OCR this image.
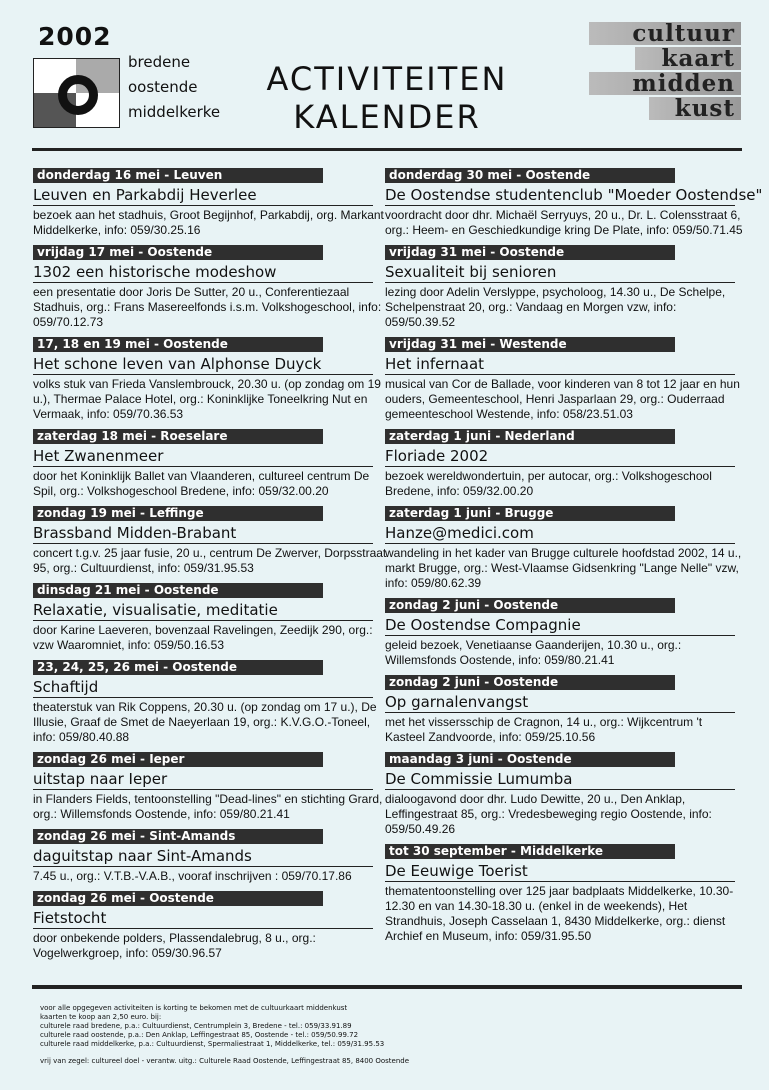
2002
bredene
oostende
middelkerke
ACTIVITEITEN
KALENDER
cultuur
kaart
midden
kust
donderdag 16 mei - Leuven
Leuven en Parkabdij Heverlee
bezoek aan het stadhuis, Groot Begijnhof, Parkabdij, org. Markant Middelkerke, info: 059/30.25.16
vrijdag 17 mei - Oostende
1302 een historische modeshow
een presentatie door Joris De Sutter, 20 u., Conferentiezaal Stadhuis, org.: Frans Masereelfonds i.s.m. Volkshogeschool, info: 059/70.12.73
17, 18 en 19 mei - Oostende
Het schone leven van Alphonse Duyck
volks stuk van Frieda Vanslembrouck, 20.30 u. (op zondag om 19 u.), Thermae Palace Hotel, org.: Koninklijke Toneelkring Nut en Vermaak, info: 059/70.36.53
zaterdag 18 mei - Roeselare
Het Zwanenmeer
door het Koninklijk Ballet van Vlaanderen, cultureel centrum De Spil, org.: Volkshogeschool Bredene, info: 059/32.00.20
zondag 19 mei - Leffinge
Brassband Midden-Brabant
concert t.g.v. 25 jaar fusie, 20 u., centrum De Zwerver, Dorpsstraat 95, org.: Cultuurdienst, info: 059/31.95.53
dinsdag 21 mei - Oostende
Relaxatie, visualisatie, meditatie
door Karine Laeveren, bovenzaal Ravelingen, Zeedijk 290, org.: vzw Waaromniet, info: 059/50.16.53
23, 24, 25, 26 mei - Oostende
Schaftijd
theaterstuk van Rik Coppens, 20.30 u. (op zondag om 17 u.), De Illusie, Graaf de Smet de Naeyerlaan 19, org.: K.V.G.O.-Toneel, info: 059/80.40.88
zondag 26 mei - Ieper
uitstap naar Ieper
in Flanders Fields, tentoonstelling "Dead-lines" en stichting Grard, org.: Willemsfonds Oostende, info: 059/80.21.41
zondag 26 mei - Sint-Amands
daguitstap naar Sint-Amands
7.45 u., org.: V.T.B.-V.A.B., vooraf inschrijven : 059/70.17.86
zondag 26 mei - Oostende
Fietstocht
door onbekende polders, Plassendalebrug, 8 u., org.: Vogelwerkgroep, info: 059/30.96.57
donderdag 30 mei - Oostende
De Oostendse studentenclub "Moeder Oostendse"
voordracht door dhr. Michaël Serryuys, 20 u., Dr. L. Colensstraat 6, org.: Heem- en Geschiedkundige kring De Plate, info: 059/50.71.45
vrijdag 31 mei - Oostende
Sexualiteit bij senioren
lezing door Adelin Verslyppe, psycholoog, 14.30 u., De Schelpe, Schelpenstraat 20, org.: Vandaag en Morgen vzw, info: 059/50.39.52
vrijdag 31 mei - Westende
Het infernaat
musical van Cor de Ballade, voor kinderen van 8 tot 12 jaar en hun ouders, Gemeenteschool, Henri Jasparlaan 29, org.: Ouderraad gemeenteschool Westende, info: 058/23.51.03
zaterdag 1 juni - Nederland
Floriade 2002
bezoek wereldwondertuin, per autocar, org.: Volkshogeschool Bredene, info: 059/32.00.20
zaterdag 1 juni - Brugge
Hanze@medici.com
wandeling in het kader van Brugge culturele hoofdstad 2002, 14 u., markt Brugge, org.: West-Vlaamse Gidsenkring "Lange Nelle" vzw, info: 059/80.62.39
zondag 2 juni - Oostende
De Oostendse Compagnie
geleid bezoek, Venetiaanse Gaanderijen, 10.30 u., org.: Willemsfonds Oostende, info: 059/80.21.41
zondag 2 juni - Oostende
Op garnalenvangst
met het vissersschip de Cragnon, 14 u., org.: Wijkcentrum 't Kasteel Zandvoorde, info: 059/25.10.56
maandag 3 juni - Oostende
De Commissie Lumumba
dialoogavond door dhr. Ludo Dewitte, 20 u., Den Anklap, Leffingestraat 85, org.: Vredesbeweging regio Oostende, info: 059/50.49.26
tot 30 september - Middelkerke
De Eeuwige Toerist
thematentoonstelling over 125 jaar badplaats Middelkerke, 10.30-12.30 en van 14.30-18.30 u. (enkel in de weekends), Het Strandhuis, Joseph Casselaan 1, 8430 Middelkerke, org.: dienst Archief en Museum, info: 059/31.95.50

voor alle opgegeven activiteiten is korting te bekomen met de cultuurkaart middenkust

kaarten te koop aan 2,50 euro. bij:

culturele raad bredene, p.a.: Cultuurdienst, Centrumplein 3, Bredene - tel.: 059/33.91.89

culturele raad oostende, p.a.: Den Anklap, Leffingestraat 85, Oostende - tel.: 059/50.99.72

culturele raad middelkerke, p.a.: Cultuurdienst, Spermaliestraat 1, Middelkerke, tel.: 059/31.95.53

vrij van zegel: cultureel doel - verantw. uitg.: Culturele Raad Oostende, Leffingestraat 85, 8400 Oostende
